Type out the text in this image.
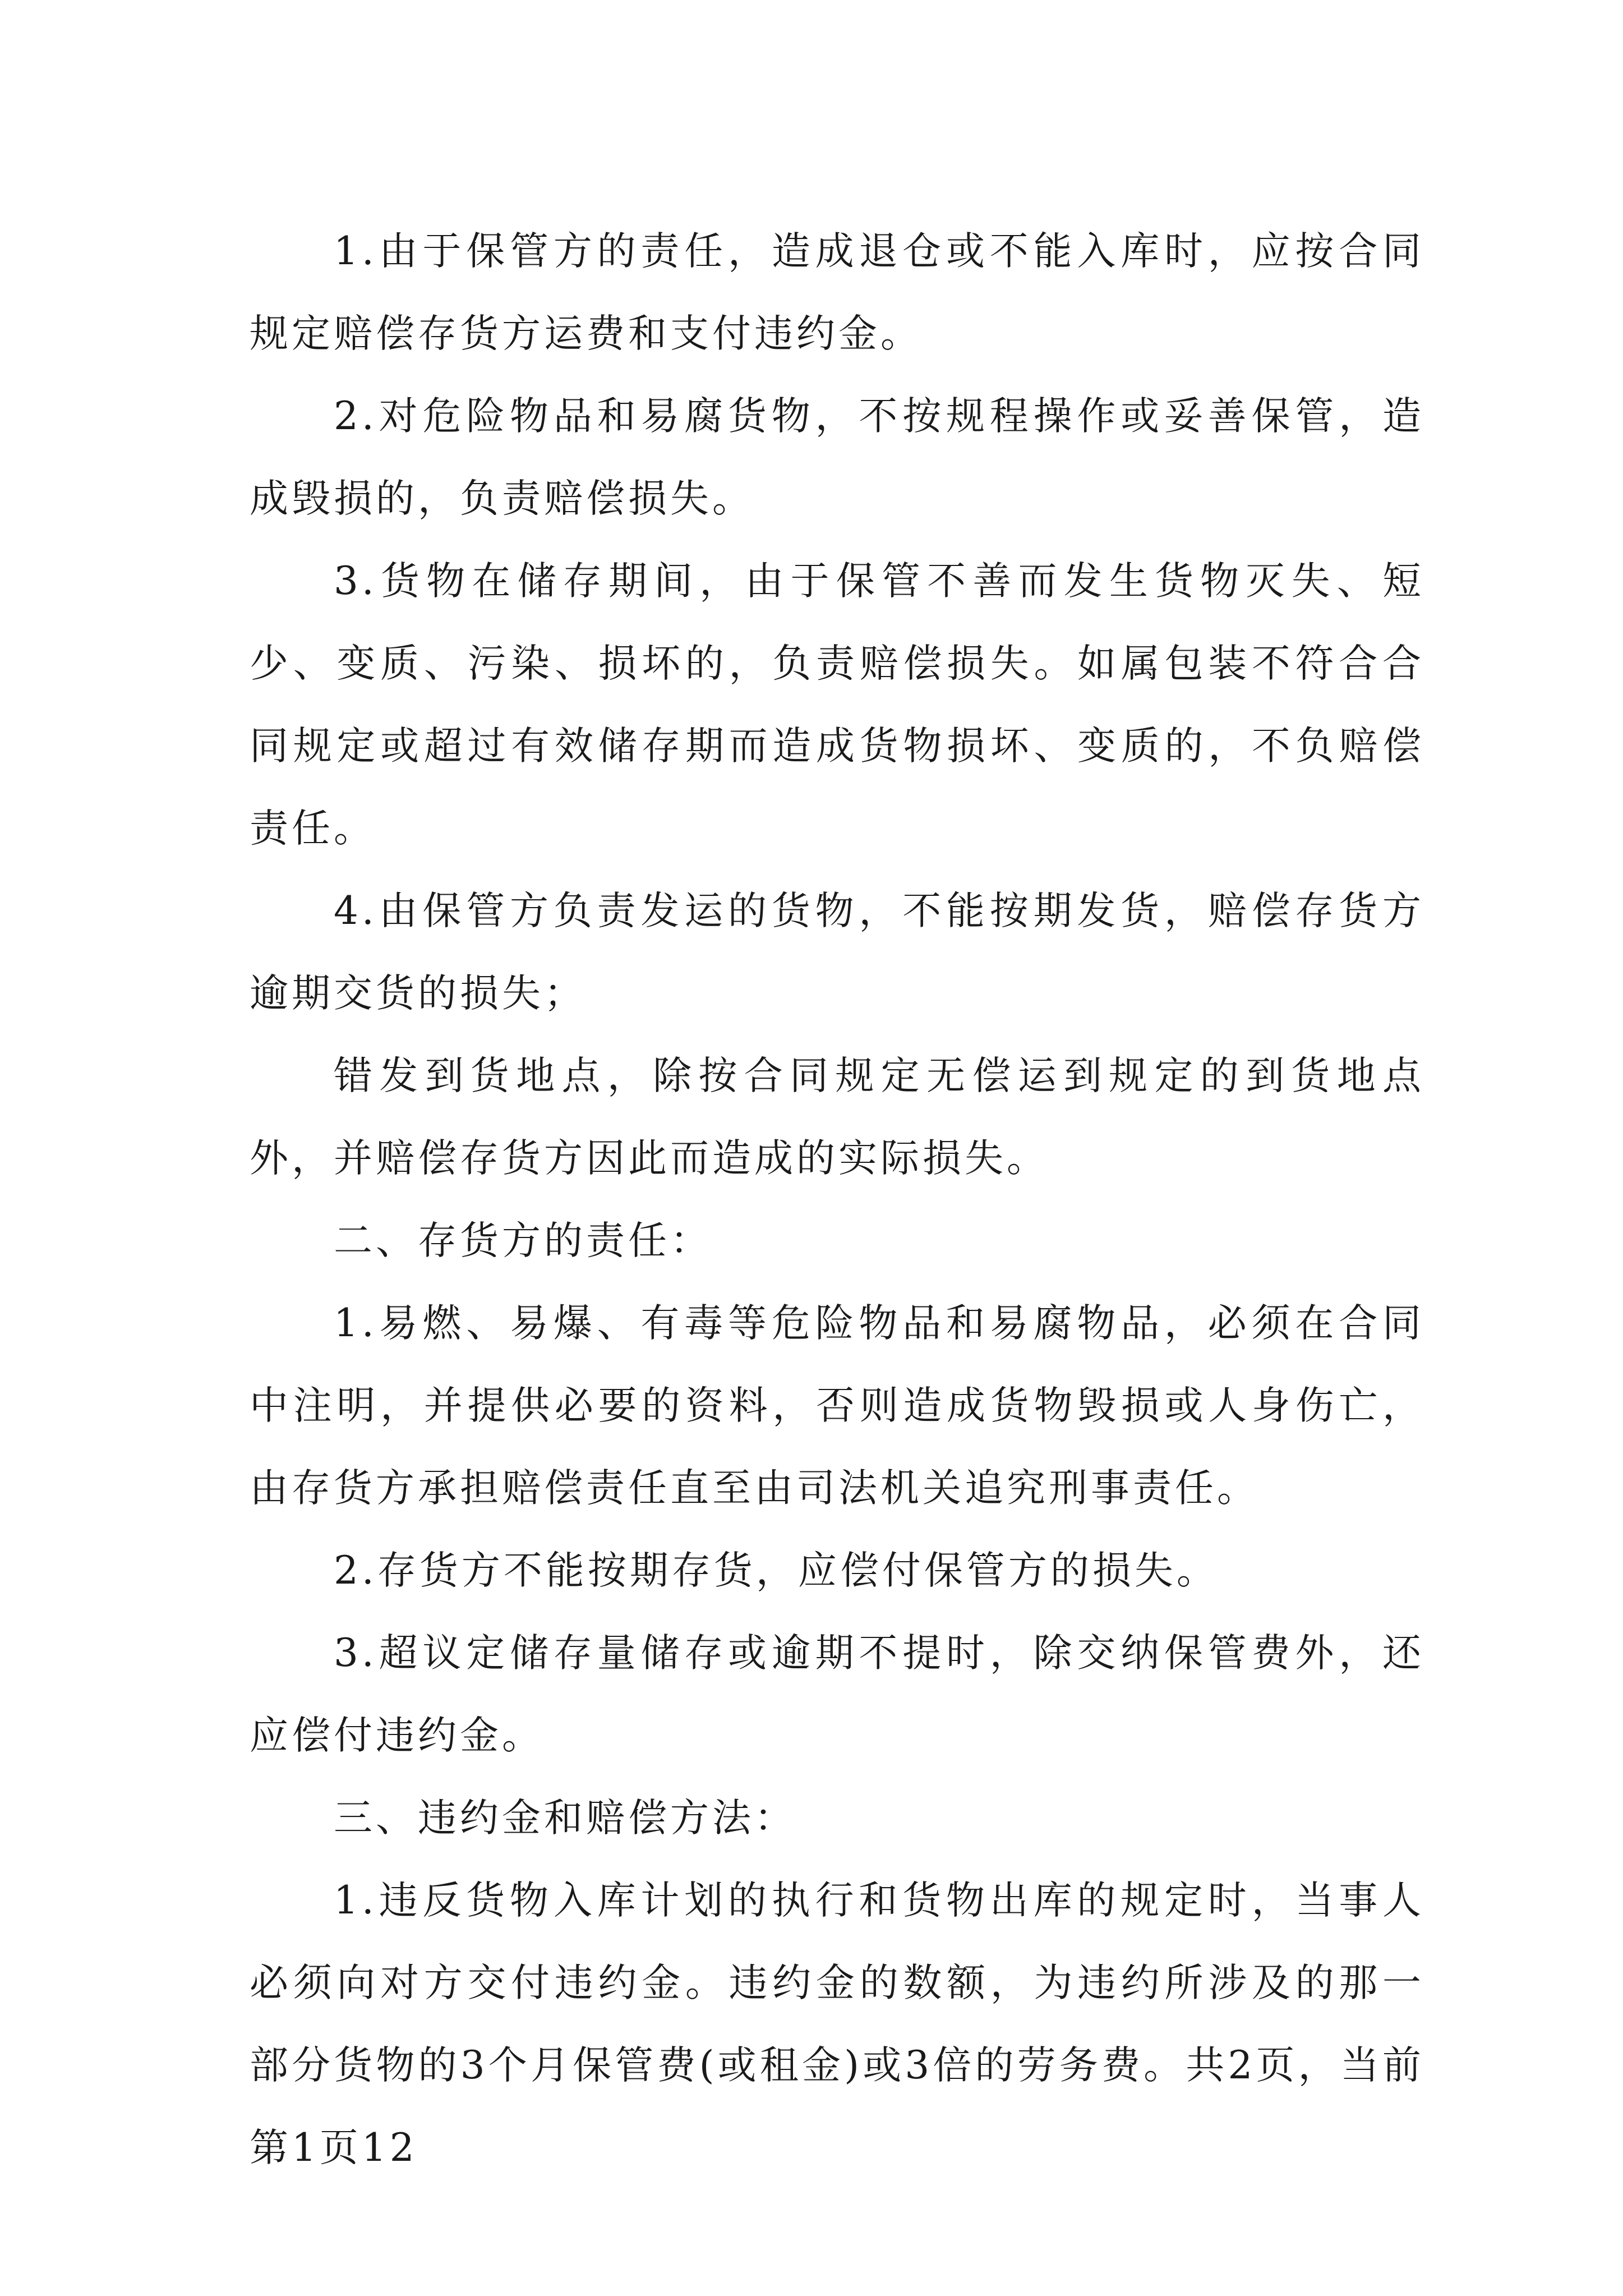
1.由于保管方的责任，造成退仓或不能入库时，应按合同规定赔偿存货方运费和支付违约金。

2.对危险物品和易腐货物，不按规程操作或妥善保管，造成毁损的，负责赔偿损失。

3.货物在储存期间，由于保管不善而发生货物灭失、短少、变质、污染、损坏的，负责赔偿损失。如属包装不符合合同规定或超过有效储存期而造成货物损坏、变质的，不负赔偿责任。

4.由保管方负责发运的货物，不能按期发货，赔偿存货方逾期交货的损失；

错发到货地点，除按合同规定无偿运到规定的到货地点外，并赔偿存货方因此而造成的实际损失。

二、存货方的责任：

1.易燃、易爆、有毒等危险物品和易腐物品，必须在合同中注明，并提供必要的资料，否则造成货物毁损或人身伤亡，由存货方承担赔偿责任直至由司法机关追究刑事责任。

2.存货方不能按期存货，应偿付保管方的损失。

3.超议定储存量储存或逾期不提时，除交纳保管费外，还应偿付违约金。

三、违约金和赔偿方法：

1.违反货物入库计划的执行和货物出库的规定时，当事人必须向对方交付违约金。违约金的数额，为违约所涉及的那一部分货物的3个月保管费(或租金)或3倍的劳务费。共2页，当前第1页12
